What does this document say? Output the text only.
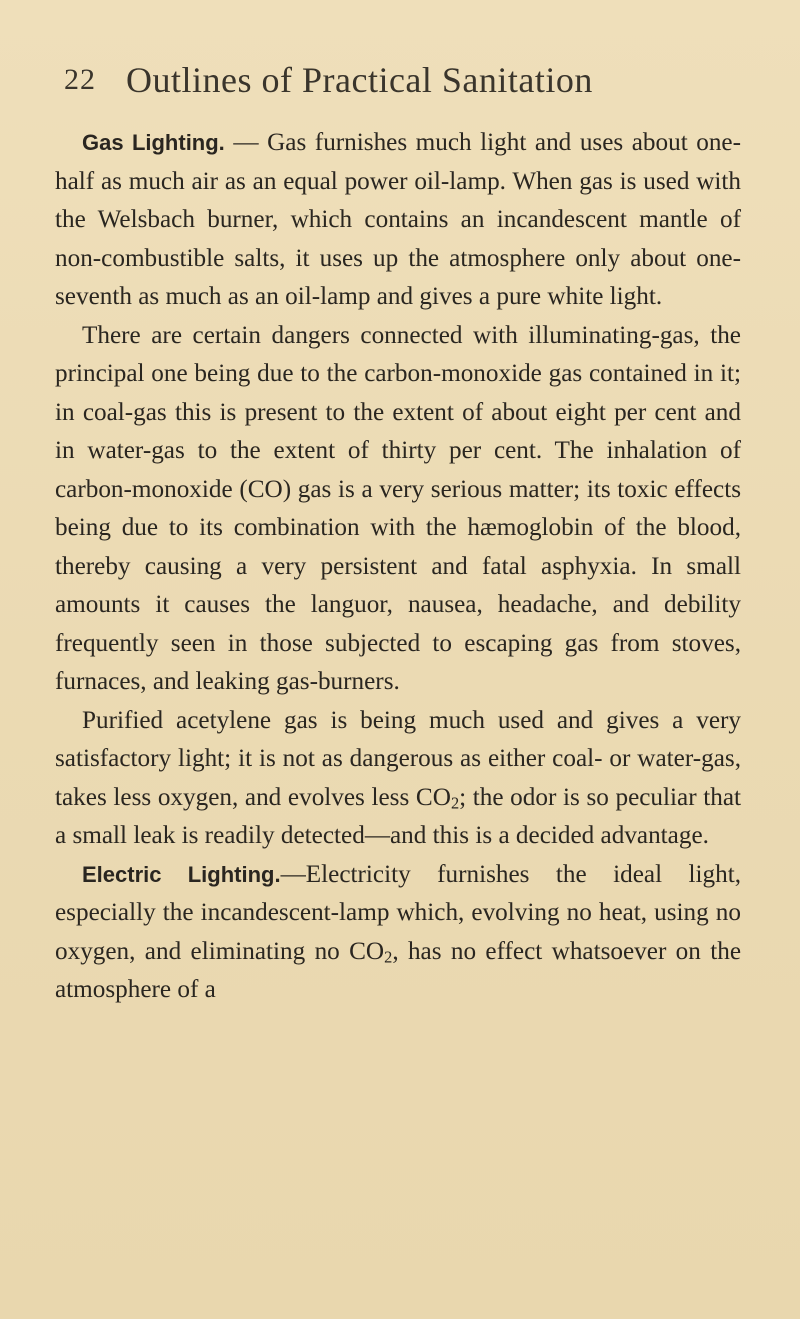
22 Outlines of Practical Sanitation

Gas Lighting. — Gas furnishes much light and uses about one-half as much air as an equal power oil-lamp. When gas is used with the Welsbach burner, which contains an incandescent mantle of non-combustible salts, it uses up the atmosphere only about one-seventh as much as an oil-lamp and gives a pure white light.

There are certain dangers connected with illuminating-gas, the principal one being due to the carbon-monoxide gas contained in it; in coal-gas this is present to the extent of about eight per cent and in water-gas to the extent of thirty per cent. The inhalation of carbon-monoxide (CO) gas is a very serious matter; its toxic effects being due to its combination with the hæmoglobin of the blood, thereby causing a very persistent and fatal asphyxia. In small amounts it causes the languor, nausea, headache, and debility frequently seen in those subjected to escaping gas from stoves, furnaces, and leaking gas-burners.

Purified acetylene gas is being much used and gives a very satisfactory light; it is not as dangerous as either coal- or water-gas, takes less oxygen, and evolves less $CO_2$; the odor is so peculiar that a small leak is readily detected—and this is a decided advantage.

Electric Lighting.—Electricity furnishes the ideal light, especially the incandescent-lamp which, evolving no heat, using no oxygen, and eliminating no $CO_2$, has no effect whatsoever on the atmosphere of a
